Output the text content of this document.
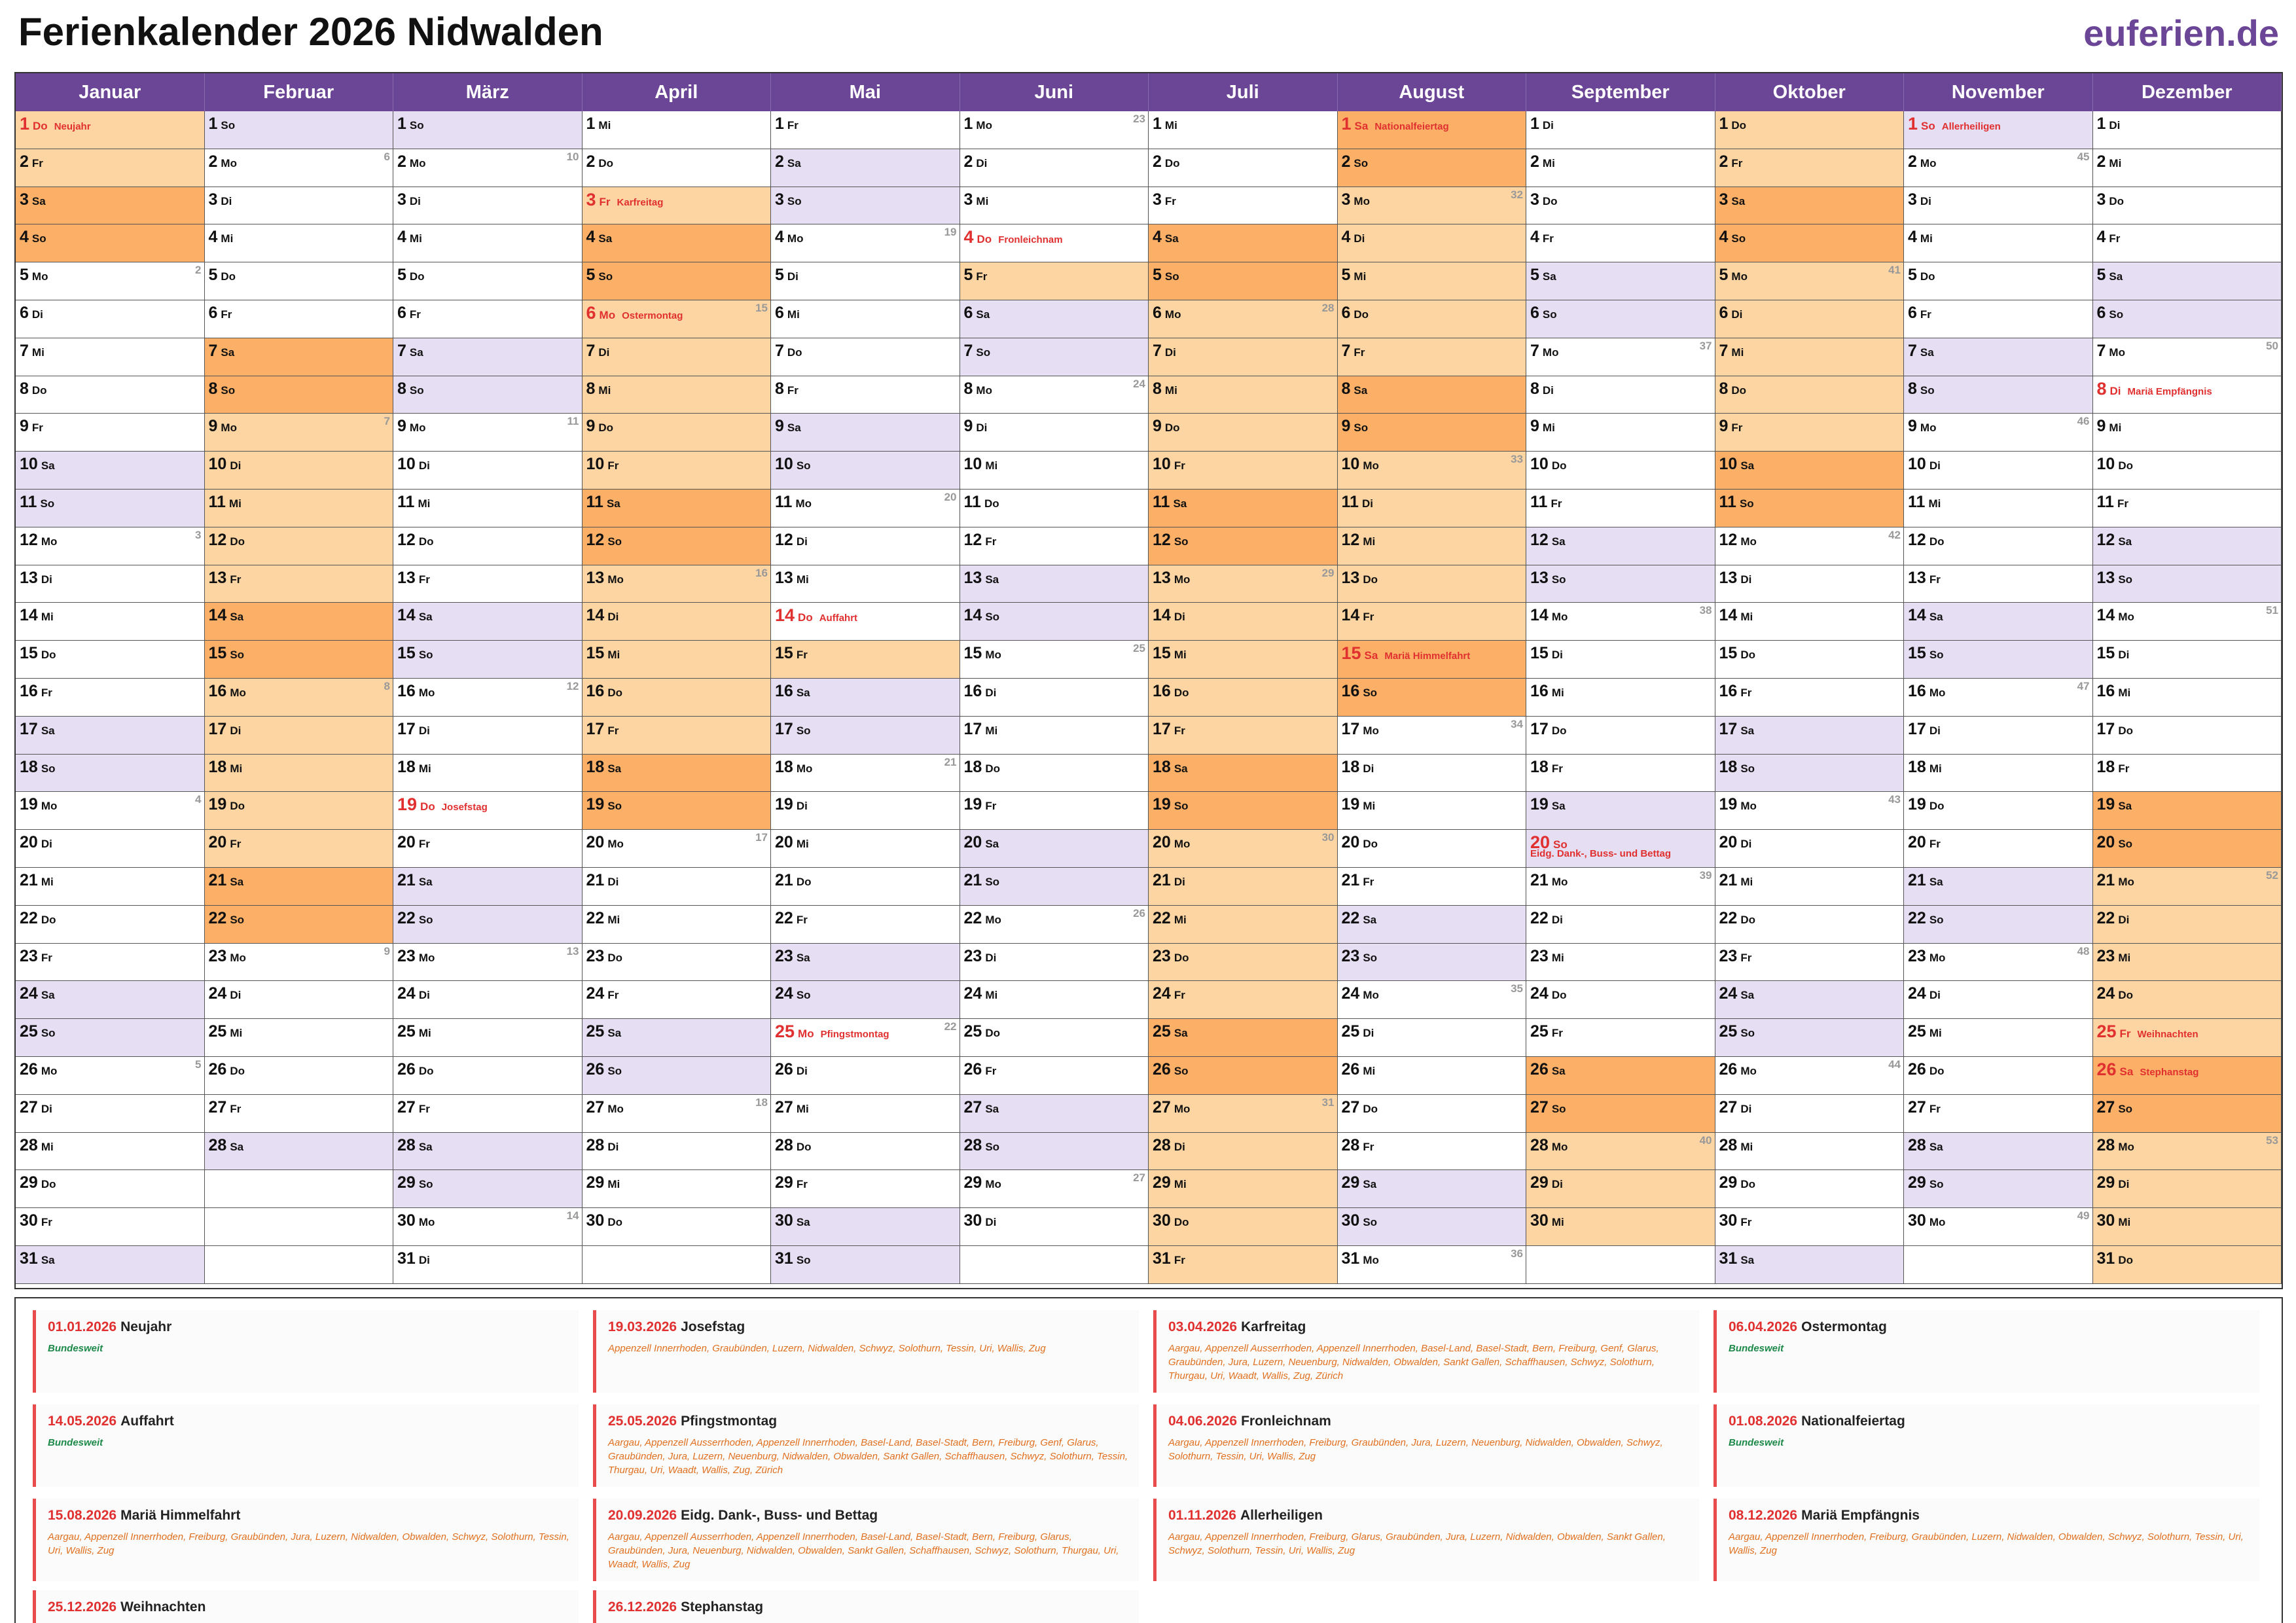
Ferienkalender 2026 Nidwalden	euferien.de
Januar
1 Do Neujahr
2 Fr
3 Sa
4 So
5 Mo
2
6 Di
7 Mi
8 Do
9 Fr
10 Sa
11 So
12 Mo
3
13 Di
14 Mi
15 Do
16 Fr
17 Sa
18 So
19 Mo
4
20 Di
21 Mi
22 Do
23 Fr
24 Sa
25 So
26 Mo
5
27 Di
28 Mi
29 Do
30 Fr
31 Sa
Februar
1 So
2 Mo
6
3 Di
4 Mi
5 Do
6 Fr
7 Sa
8 So
9 Mo
7
10 Di
11 Mi
12 Do
13 Fr
14 Sa
15 So
16 Mo
8
17 Di
18 Mi
19 Do
20 Fr
21 Sa
22 So
23 Mo
9
24 Di
25 Mi
26 Do
27 Fr
28 Sa
März
1 So
2 Mo
10
3 Di
4 Mi
5 Do
6 Fr
7 Sa
8 So
9 Mo
11
10 Di
11 Mi
12 Do
13 Fr
14 Sa
15 So
16 Mo
12
17 Di
18 Mi
19 Do Josefstag
20 Fr
21 Sa
22 So
23 Mo
13
24 Di
25 Mi
26 Do
27 Fr
28 Sa
29 So
30 Mo
14
31 Di
April
1 Mi
2 Do
3 Fr Karfreitag
4 Sa
5 So
6 Mo Ostermontag
15
7 Di
8 Mi
9 Do
10 Fr
11 Sa
12 So
13 Mo
16
14 Di
15 Mi
16 Do
17 Fr
18 Sa
19 So
20 Mo
17
21 Di
22 Mi
23 Do
24 Fr
25 Sa
26 So
27 Mo
18
28 Di
29 Mi
30 Do
Mai
1 Fr
2 Sa
3 So
4 Mo
19
5 Di
6 Mi
7 Do
8 Fr
9 Sa
10 So
11 Mo
20
12 Di
13 Mi
14 Do Auffahrt
15 Fr
16 Sa
17 So
18 Mo
21
19 Di
20 Mi
21 Do
22 Fr
23 Sa
24 So
25 Mo Pfingstmontag
22
26 Di
27 Mi
28 Do
29 Fr
30 Sa
31 So
Juni
1 Mo
23
2 Di
3 Mi
4 Do Fronleichnam
5 Fr
6 Sa
7 So
8 Mo
24
9 Di
10 Mi
11 Do
12 Fr
13 Sa
14 So
15 Mo
25
16 Di
17 Mi
18 Do
19 Fr
20 Sa
21 So
22 Mo
26
23 Di
24 Mi
25 Do
26 Fr
27 Sa
28 So
29 Mo
27
30 Di
Juli
1 Mi
2 Do
3 Fr
4 Sa
5 So
6 Mo
28
7 Di
8 Mi
9 Do
10 Fr
11 Sa
12 So
13 Mo
29
14 Di
15 Mi
16 Do
17 Fr
18 Sa
19 So
20 Mo
30
21 Di
22 Mi
23 Do
24 Fr
25 Sa
26 So
27 Mo
31
28 Di
29 Mi
30 Do
31 Fr
August
1 Sa Nationalfeiertag
2 So
3 Mo
32
4 Di
5 Mi
6 Do
7 Fr
8 Sa
9 So
10 Mo
33
11 Di
12 Mi
13 Do
14 Fr
15 Sa Mariä Himmelfahrt
16 So
17 Mo
34
18 Di
19 Mi
20 Do
21 Fr
22 Sa
23 So
24 Mo
35
25 Di
26 Mi
27 Do
28 Fr
29 Sa
30 So
31 Mo
36
September
1 Di
2 Mi
3 Do
4 Fr
5 Sa
6 So
7 Mo
37
8 Di
9 Mi
10 Do
11 Fr
12 Sa
13 So
14 Mo
38
15 Di
16 Mi
17 Do
18 Fr
19 Sa
20 So
Eidg. Dank-, Buss- und Bettag
21 Mo
39
22 Di
23 Mi
24 Do
25 Fr
26 Sa
27 So
28 Mo
40
29 Di
30 Mi
Oktober
1 Do
2 Fr
3 Sa
4 So
5 Mo
41
6 Di
7 Mi
8 Do
9 Fr
10 Sa
11 So
12 Mo
42
13 Di
14 Mi
15 Do
16 Fr
17 Sa
18 So
19 Mo
43
20 Di
21 Mi
22 Do
23 Fr
24 Sa
25 So
26 Mo
44
27 Di
28 Mi
29 Do
30 Fr
31 Sa
November
1 So Allerheiligen
2 Mo
45
3 Di
4 Mi
5 Do
6 Fr
7 Sa
8 So
9 Mo
46
10 Di
11 Mi
12 Do
13 Fr
14 Sa
15 So
16 Mo
47
17 Di
18 Mi
19 Do
20 Fr
21 Sa
22 So
23 Mo
48
24 Di
25 Mi
26 Do
27 Fr
28 Sa
29 So
30 Mo
49
Dezember
1 Di
2 Mi
3 Do
4 Fr
5 Sa
6 So
7 Mo
50
8 Di Mariä Empfängnis
9 Mi
10 Do
11 Fr
12 Sa
13 So
14 Mo
51
15 Di
16 Mi
17 Do
18 Fr
19 Sa
20 So
21 Mo
52
22 Di
23 Mi
24 Do
25 Fr Weihnachten
26 Sa Stephanstag
27 So
28 Mo
53
29 Di
30 Mi
31 Do
01.01.2026 Neujahr
Bundesweit
19.03.2026 Josefstag
Appenzell Innerrhoden, Graubünden, Luzern, Nidwalden, Schwyz, Solothurn, Tessin, Uri, Wallis, Zug
03.04.2026 Karfreitag
Aargau, Appenzell Ausserrhoden, Appenzell Innerrhoden, Basel-Land, Basel-Stadt, Bern, Freiburg, Genf, Glarus, Graubünden, Jura, Luzern, Neuenburg, Nidwalden, Obwalden, Sankt Gallen, Schaffhausen, Schwyz, Solothurn, Thurgau, Uri, Waadt, Wallis, Zug, Zürich
06.04.2026 Ostermontag
Bundesweit
14.05.2026 Auffahrt
Bundesweit
25.05.2026 Pfingstmontag
Aargau, Appenzell Ausserrhoden, Appenzell Innerrhoden, Basel-Land, Basel-Stadt, Bern, Freiburg, Genf, Glarus, Graubünden, Jura, Luzern, Neuenburg, Nidwalden, Obwalden, Sankt Gallen, Schaffhausen, Schwyz, Solothurn, Tessin, Thurgau, Uri, Waadt, Wallis, Zug, Zürich
04.06.2026 Fronleichnam
Aargau, Appenzell Innerrhoden, Freiburg, Graubünden, Jura, Luzern, Neuenburg, Nidwalden, Obwalden, Schwyz, Solothurn, Tessin, Uri, Wallis, Zug
01.08.2026 Nationalfeiertag
Bundesweit
15.08.2026 Mariä Himmelfahrt
Aargau, Appenzell Innerrhoden, Freiburg, Graubünden, Jura, Luzern, Nidwalden, Obwalden, Schwyz, Solothurn, Tessin, Uri, Wallis, Zug
20.09.2026 Eidg. Dank-, Buss- und Bettag
Aargau, Appenzell Ausserrhoden, Appenzell Innerrhoden, Basel-Land, Basel-Stadt, Bern, Freiburg, Glarus, Graubünden, Jura, Neuenburg, Nidwalden, Obwalden, Sankt Gallen, Schaffhausen, Schwyz, Solothurn, Thurgau, Uri, Waadt, Wallis, Zug
01.11.2026 Allerheiligen
Aargau, Appenzell Innerrhoden, Freiburg, Glarus, Graubünden, Jura, Luzern, Nidwalden, Obwalden, Sankt Gallen, Schwyz, Solothurn, Tessin, Uri, Wallis, Zug
08.12.2026 Mariä Empfängnis
Aargau, Appenzell Innerrhoden, Freiburg, Graubünden, Luzern, Nidwalden, Obwalden, Schwyz, Solothurn, Tessin, Uri, Wallis, Zug
25.12.2026 Weihnachten	26.12.2026 Stephanstag
